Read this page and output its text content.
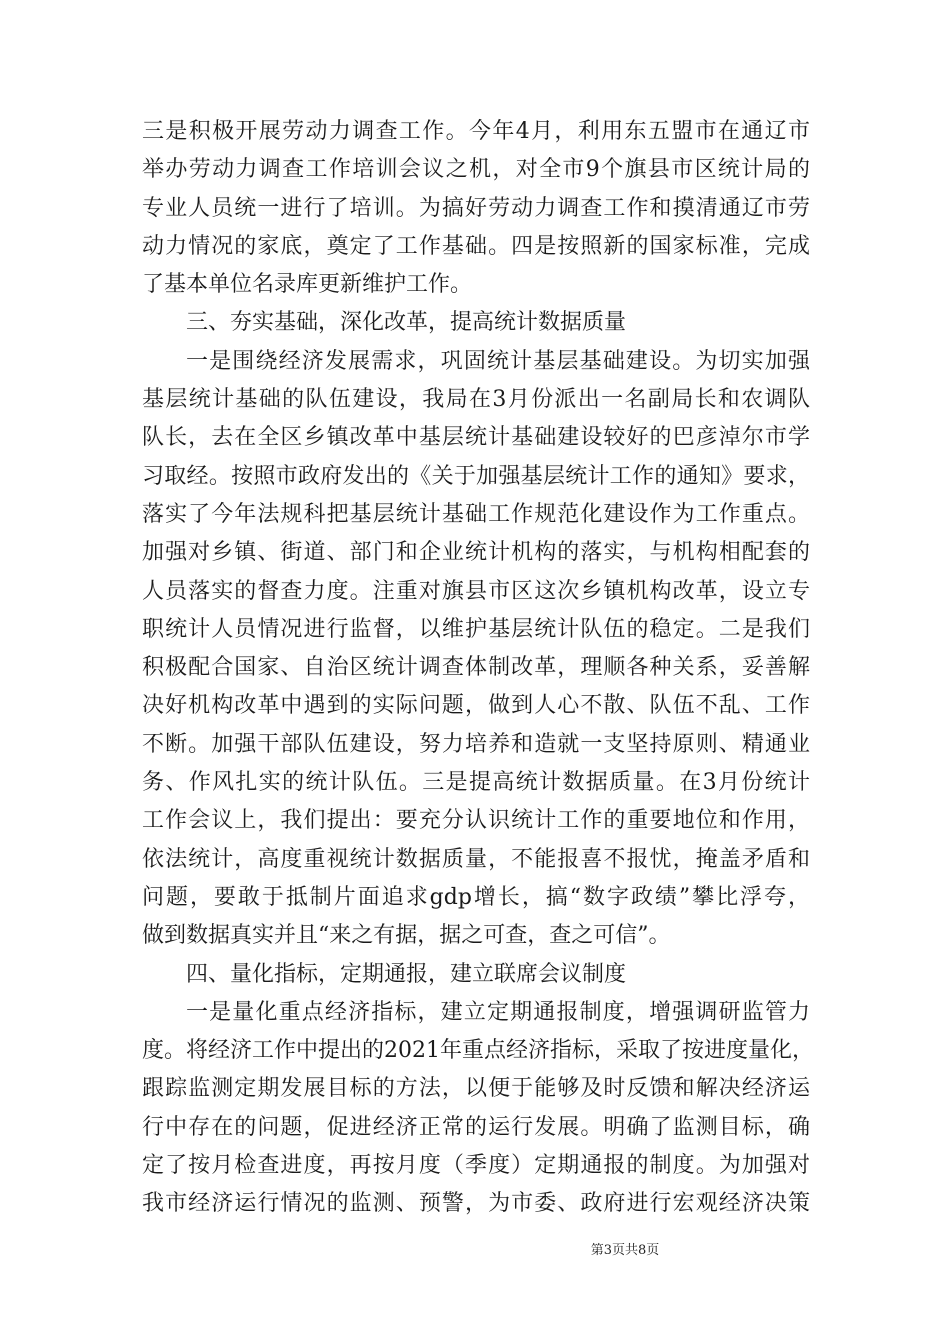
三是积极开展劳动力调查工作。今年4月，利用东五盟市在通辽市
举办劳动力调查工作培训会议之机，对全市9个旗县市区统计局的
专业人员统一进行了培训。为搞好劳动力调查工作和摸清通辽市劳
动力情况的家底，奠定了工作基础。四是按照新的国家标准，完成
了基本单位名录库更新维护工作。
三、夯实基础，深化改革，提高统计数据质量
一是围绕经济发展需求，巩固统计基层基础建设。为切实加强
基层统计基础的队伍建设，我局在3月份派出一名副局长和农调队
队长，去在全区乡镇改革中基层统计基础建设较好的巴彦淖尔市学
习取经。按照市政府发出的《关于加强基层统计工作的通知》要求，
落实了今年法规科把基层统计基础工作规范化建设作为工作重点。
加强对乡镇、街道、部门和企业统计机构的落实，与机构相配套的
人员落实的督查力度。注重对旗县市区这次乡镇机构改革，设立专
职统计人员情况进行监督，以维护基层统计队伍的稳定。二是我们
积极配合国家、自治区统计调查体制改革，理顺各种关系，妥善解
决好机构改革中遇到的实际问题，做到人心不散、队伍不乱、工作
不断。加强干部队伍建设，努力培养和造就一支坚持原则、精通业
务、作风扎实的统计队伍。三是提高统计数据质量。在3月份统计
工作会议上，我们提出：要充分认识统计工作的重要地位和作用，
依法统计，高度重视统计数据质量，不能报喜不报忧，掩盖矛盾和
问题，要敢于抵制片面追求gdp增长，搞“数字政绩”攀比浮夸，
做到数据真实并且“来之有据，据之可查，查之可信”。
四、量化指标，定期通报，建立联席会议制度
一是量化重点经济指标，建立定期通报制度，增强调研监管力
度。将经济工作中提出的2021年重点经济指标，采取了按进度量化，
跟踪监测定期发展目标的方法，以便于能够及时反馈和解决经济运
行中存在的问题，促进经济正常的运行发展。明确了监测目标，确
定了按月检查进度，再按月度（季度）定期通报的制度。为加强对
我市经济运行情况的监测、预警，为市委、政府进行宏观经济决策
第3页共8页
